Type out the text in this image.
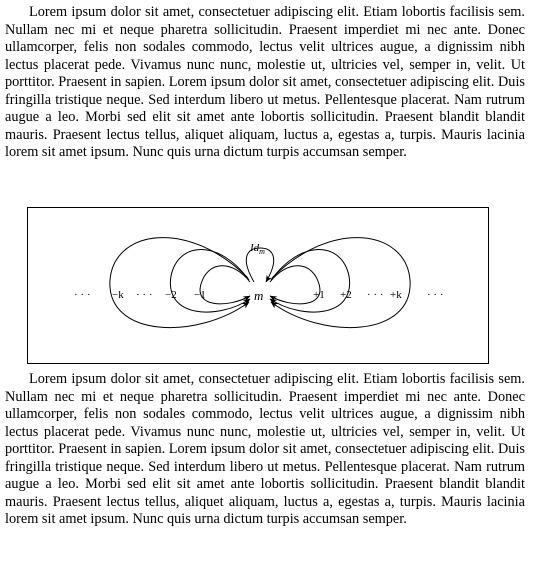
Lorem ipsum dolor sit amet, consectetuer adipiscing elit. Etiam lobortis facilisis sem. Nullam nec mi et neque pharetra sollicitudin. Praesent imperdiet mi nec ante. Donec ullamcorper, felis non sodales commodo, lectus velit ultrices augue, a dignissim nibh lectus placerat pede. Vivamus nunc nunc, molestie ut, ultricies vel, semper in, velit. Ut porttitor. Praesent in sapien. Lorem ipsum dolor sit amet, consectetuer adipiscing elit. Duis fringilla tristique neque. Sed interdum libero ut metus. Pellentesque placerat. Nam rutrum augue a leo. Morbi sed elit sit amet ante lobortis sollicitudin. Praesent blandit blandit mauris. Praesent lectus tellus, aliquet aliquam, luctus a, egestas a, turpis. Mauris lacinia lorem sit amet ipsum. Nunc quis urna dictum turpis accumsan semper.

$Id_m$
m
· · · −k · · · −2 −1	+1 +2 · · · +k · · ·

Lorem ipsum dolor sit amet, consectetuer adipiscing elit. Etiam lobortis facilisis sem. Nullam nec mi et neque pharetra sollicitudin. Praesent imperdiet mi nec ante. Donec ullamcorper, felis non sodales commodo, lectus velit ultrices augue, a dignissim nibh lectus placerat pede. Vivamus nunc nunc, molestie ut, ultricies vel, semper in, velit. Ut porttitor. Praesent in sapien. Lorem ipsum dolor sit amet, consectetuer adipiscing elit. Duis fringilla tristique neque. Sed interdum libero ut metus. Pellentesque placerat. Nam rutrum augue a leo. Morbi sed elit sit amet ante lobortis sollicitudin. Praesent blandit blandit mauris. Praesent lectus tellus, aliquet aliquam, luctus a, egestas a, turpis. Mauris lacinia lorem sit amet ipsum. Nunc quis urna dictum turpis accumsan semper.
